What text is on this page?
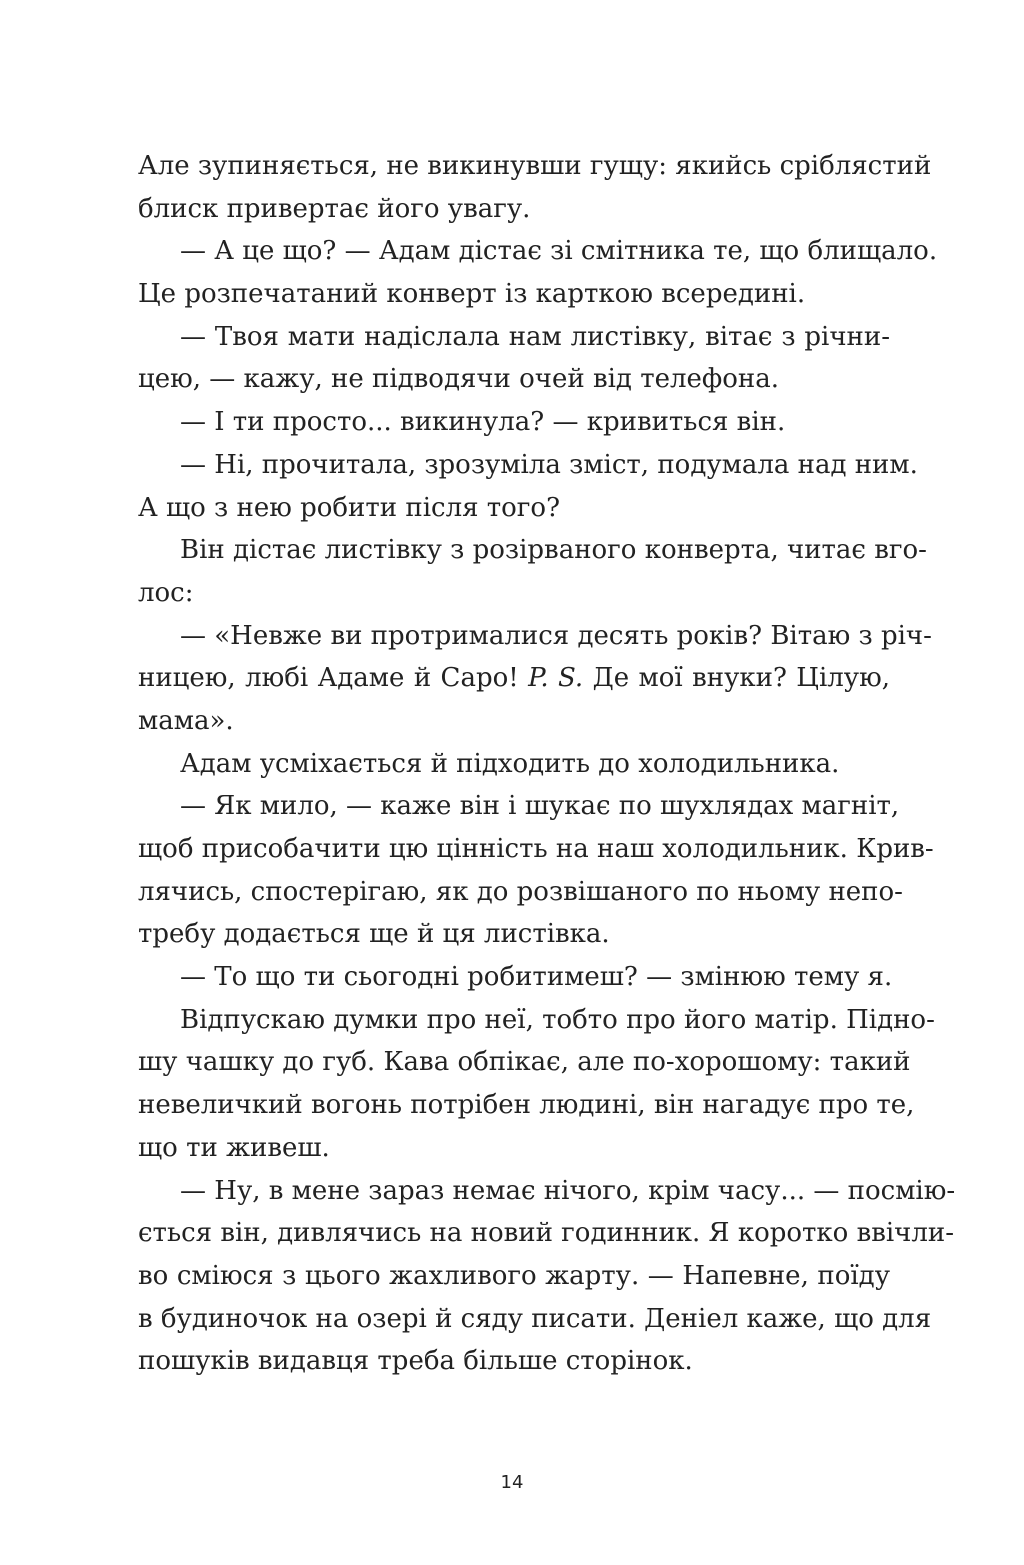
Але зупиняється, не викинувши гущу: якийсь сріблястий
блиск привертає його увагу.
— А це що? — Адам дістає зі смітника те, що блищало.
Це розпечатаний конверт із карткою всередині.
— Твоя мати надіслала нам листівку, вітає з річни-
цею, — кажу, не підводячи очей від телефона.
— І ти просто... викинула? — кривиться він.
— Ні, прочитала, зрозуміла зміст, подумала над ним.
А що з нею робити після того?
Він дістає листівку з розірваного конверта, читає вго-
лос:
— «Невже ви протрималися десять років? Вітаю з річ-
ницею, любі Адаме й Саро! P. S. Де мої внуки? Цілую,
мама».
Адам усміхається й підходить до холодильника.
— Як мило, — каже він і шукає по шухлядах магніт,
щоб присобачити цю цінність на наш холодильник. Крив-
лячись, спостерігаю, як до розвішаного по ньому непо-
требу додається ще й ця листівка.
— То що ти сьогодні робитимеш? — змінюю тему я.
Відпускаю думки про неї, тобто про його матір. Підно-
шу чашку до губ. Кава обпікає, але по-хорошому: такий
невеличкий вогонь потрібен людині, він нагадує про те,
що ти живеш.
— Ну, в мене зараз немає нічого, крім часу... — посмію-
ється він, дивлячись на новий годинник. Я коротко ввічли-
во сміюся з цього жахливого жарту. — Напевне, поїду
в будиночок на озері й сяду писати. Деніел каже, що для
пошуків видавця треба більше сторінок.
14
